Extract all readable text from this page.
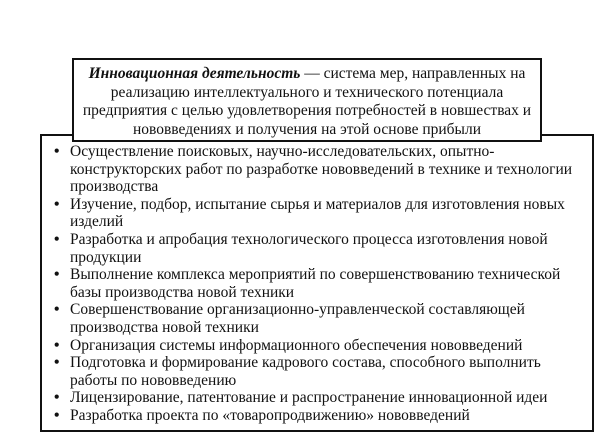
Инновационная деятельность — система мер, направленных на реализацию интеллектуального и технического потенциала предприятия с целью удовлетворения потребностей в новшествах и нововведениях и получения на этой основе прибыли
• Осуществление поисковых, научно-исследовательских, опытно-конструкторских работ по разработке нововведений в технике и технологии производства
• Изучение, подбор, испытание сырья и материалов для изготовления новых изделий
• Разработка и апробация технологического процесса изготовления новой продукции
• Выполнение комплекса мероприятий по совершенствованию технической базы производства новой техники
• Совершенствование организационно-управленческой составляющей производства новой техники
• Организация системы информационного обеспечения нововведений
• Подготовка и формирование кадрового состава, способного выполнить работы по нововведению
• Лицензирование, патентование и распространение инновационной идеи
• Разработка проекта по «товаропродвижению» нововведений
